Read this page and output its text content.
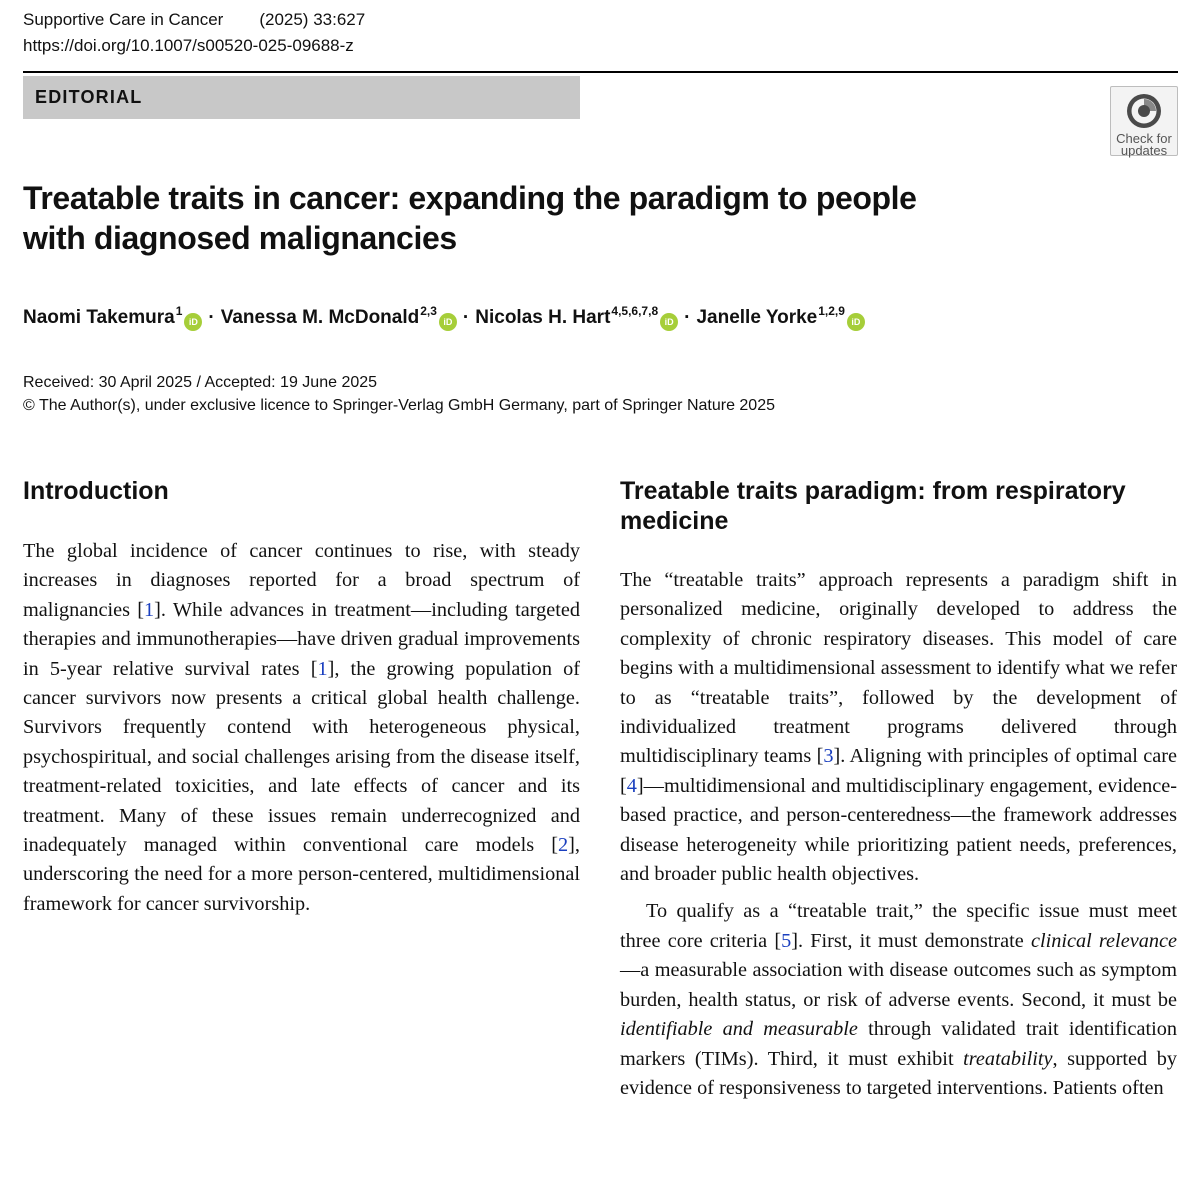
Supportive Care in Cancer (2025) 33:627
https://doi.org/10.1007/s00520-025-09688-z
EDITORIAL
Check for
updates
Treatable traits in cancer: expanding the paradigm to people with diagnosed malignancies
Naomi Takemura$^1$iD · Vanessa M. McDonald$^{2,3}$iD · Nicolas H. Hart$^{4,5,6,7,8}$iD · Janelle Yorke$^{1,2,9}$iD
Received: 30 April 2025 / Accepted: 19 June 2025
© The Author(s), under exclusive licence to Springer-Verlag GmbH Germany, part of Springer Nature 2025
Introduction

The global incidence of cancer continues to rise, with steady increases in diagnoses reported for a broad spectrum of malignancies [1]. While advances in treatment—including targeted therapies and immunotherapies—have driven gradual improvements in 5-year relative survival rates [1], the growing population of cancer survivors now presents a critical global health challenge. Survivors frequently contend with heterogeneous physical, psychospiritual, and social challenges arising from the disease itself, treatment-related toxicities, and late effects of cancer and its treatment. Many of these issues remain underrecognized and inadequately managed within conventional care models [2], underscoring the need for a more person-centered, multidimensional framework for cancer survivorship.

Treatable traits paradigm: from respiratory medicine

The “treatable traits” approach represents a paradigm shift in personalized medicine, originally developed to address the complexity of chronic respiratory diseases. This model of care begins with a multidimensional assessment to identify what we refer to as “treatable traits”, followed by the development of individualized treatment programs delivered through multidisciplinary teams [3]. Aligning with principles of optimal care [4]—multidimensional and multidisciplinary engagement, evidence-based practice, and person-centeredness—the framework addresses disease heterogeneity while prioritizing patient needs, preferences, and broader public health objectives.

To qualify as a “treatable trait,” the specific issue must meet three core criteria [5]. First, it must demonstrate clinical relevance—a measurable association with disease outcomes such as symptom burden, health status, or risk of adverse events. Second, it must be identifiable and measurable through validated trait identification markers (TIMs). Third, it must exhibit treatability, supported by evidence of responsiveness to targeted interventions. Patients often
